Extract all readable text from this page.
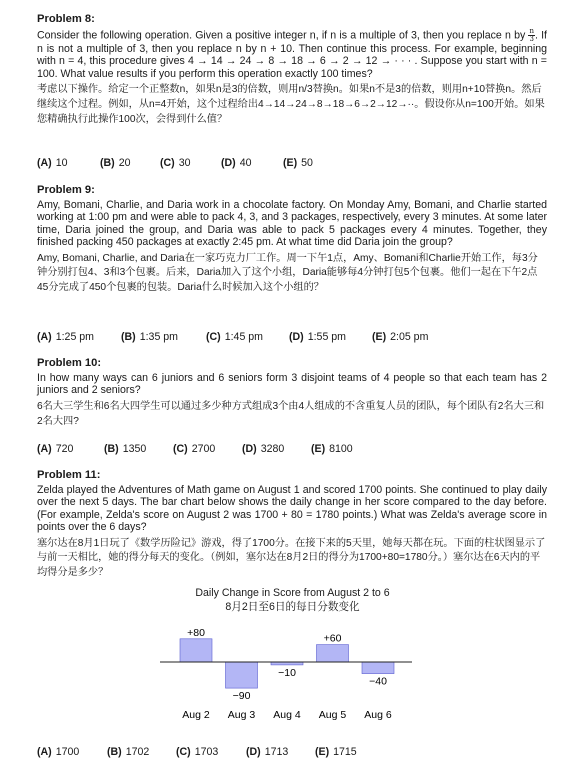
Problem 8:

Consider the following operation. Given a positive integer n, if n is a multiple of 3, then you replace n by $\frac{n}{3}$ . If n is not a multiple of 3, then you replace n by n + 10. Then continue this process. For example, beginning with n = 4, this procedure gives 4 → 14 → 24 → 8 → 18 → 6 → 2 → 12 → · · · . Suppose you start with n = 100. What value results if you perform this operation exactly 100 times?

考虑以下操作。给定一个正整数n，如果n是3的倍数，则用n/3替换n。如果n不是3的倍数，则用n+10替换n。然后继续这个过程。例如，从n=4开始，这个过程给出4→14→24→8→18→6→2→12→··。假设你从n=100开始。如果您精确执行此操作100次，会得到什么值？

(A) 10	(B) 20	(C) 30	(D) 40	(E) 50

Problem 9:

Amy, Bomani, Charlie, and Daria work in a chocolate factory. On Monday Amy, Bomani, and Charlie started working at 1:00 pm and were able to pack 4, 3, and 3 packages, respectively, every 3 minutes. At some later time, Daria joined the group, and Daria was able to pack 5 packages every 4 minutes. Together, they finished packing 450 packages at exactly 2:45 pm. At what time did Daria join the group?

Amy, Bomani, Charlie, and Daria在一家巧克力厂工作。周一下午1点，Amy、Bomani和Charlie开始工作，每3分钟分别打包4、3和3个包裹。后来，Daria加入了这个小组，Daria能够每4分钟打包5个包裹。他们一起在下午2点45分完成了450个包裹的包装。Daria什么时候加入这个小组的？

(A) 1:25 pm	(B) 1:35 pm	(C) 1:45 pm (D) 1:55 pm (E) 2:05 pm

Problem 10:

In how many ways can 6 juniors and 6 seniors form 3 disjoint teams of 4 people so that each team has 2 juniors and 2 seniors?

6名大三学生和6名大四学生可以通过多少种方式组成3个由4人组成的不含重复人员的团队，每个团队有2名大三和2名大四?

(A) 720	(B) 1350	(C) 2700	(D) 3280	(E) 8100

Problem 11:

Zelda played the Adventures of Math game on August 1 and scored 1700 points. She continued to play daily over the next 5 days. The bar chart below shows the daily change in her score compared to the day before. (For example, Zelda's score on August 2 was 1700 + 80 = 1780 points.) What was Zelda's average score in points over the 6 days?

塞尔达在8月1日玩了《数学历险记》游戏，得了1700分。在接下来的5天里，她每天都在玩。下面的柱状图显示了与前一天相比，她的得分每天的变化。（例如，塞尔达在8月2日的得分为1700+80=1780分。）塞尔达在6天内的平均得分是多少？

Daily Change in Score from August 2 to 6
8月2日至6日的每日分数变化
+80
Aug 2
−90
Aug 3
−10
Aug 4
+60
Aug 5
−40
Aug 6
(A) 1700	(B) 1702	(C) 1703	(D) 1713	(E) 1715
